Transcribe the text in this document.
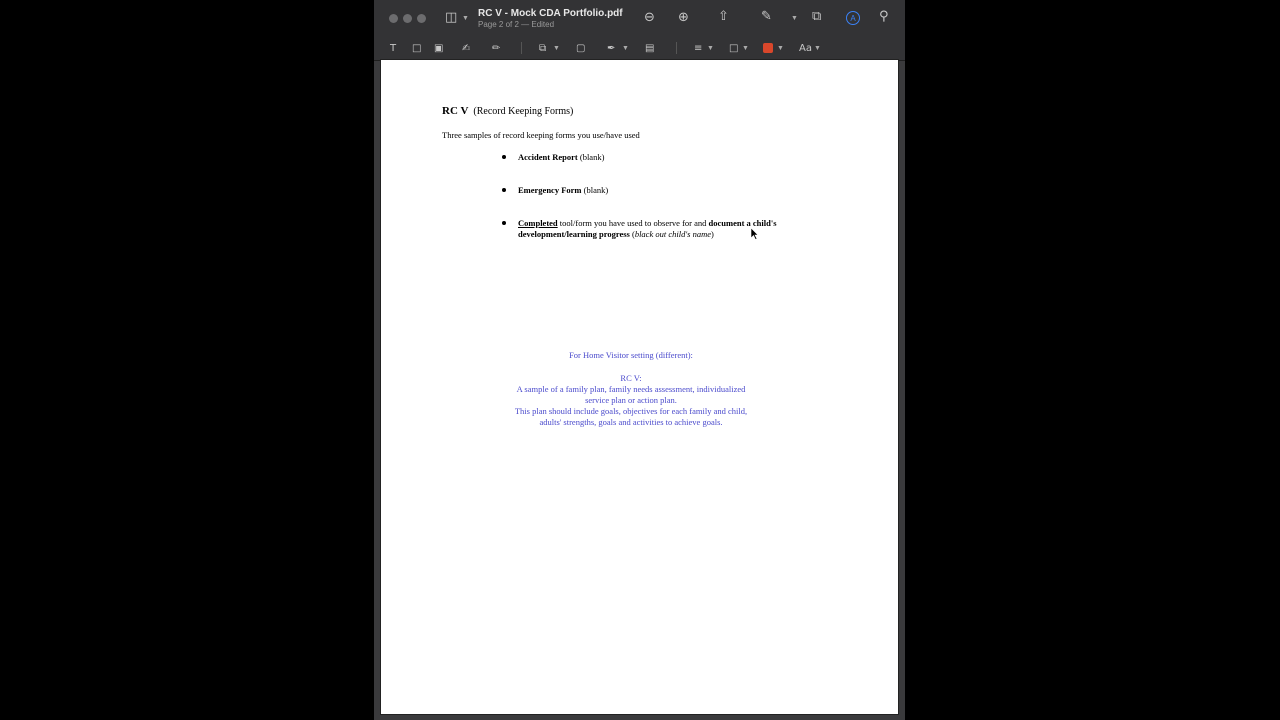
◫ ▼ RC V - Mock CDA Portfolio.pdf
Page 2 of 2 — Edited	⊖ ⊕ ⇧ ✎	▼ ⧉	A	⚲
T □ ▣ ✍ ✏	⧉ ▼ ▢ ✒ ▼ ▤	≡ ▼ □ ▼	▼ Aa ▼
RC V (Record Keeping Forms)
Three samples of record keeping forms you use/have used
Accident Report (blank)
Emergency Form (blank)
Completed tool/form you have used to observe for and document a child's
development/learning progress (black out child's name)
For Home Visitor setting (different):
RC V:
A sample of a family plan, family needs assessment, individualized
service plan or action plan.
This plan should include goals, objectives for each family and child,
adults' strengths, goals and activities to achieve goals.
